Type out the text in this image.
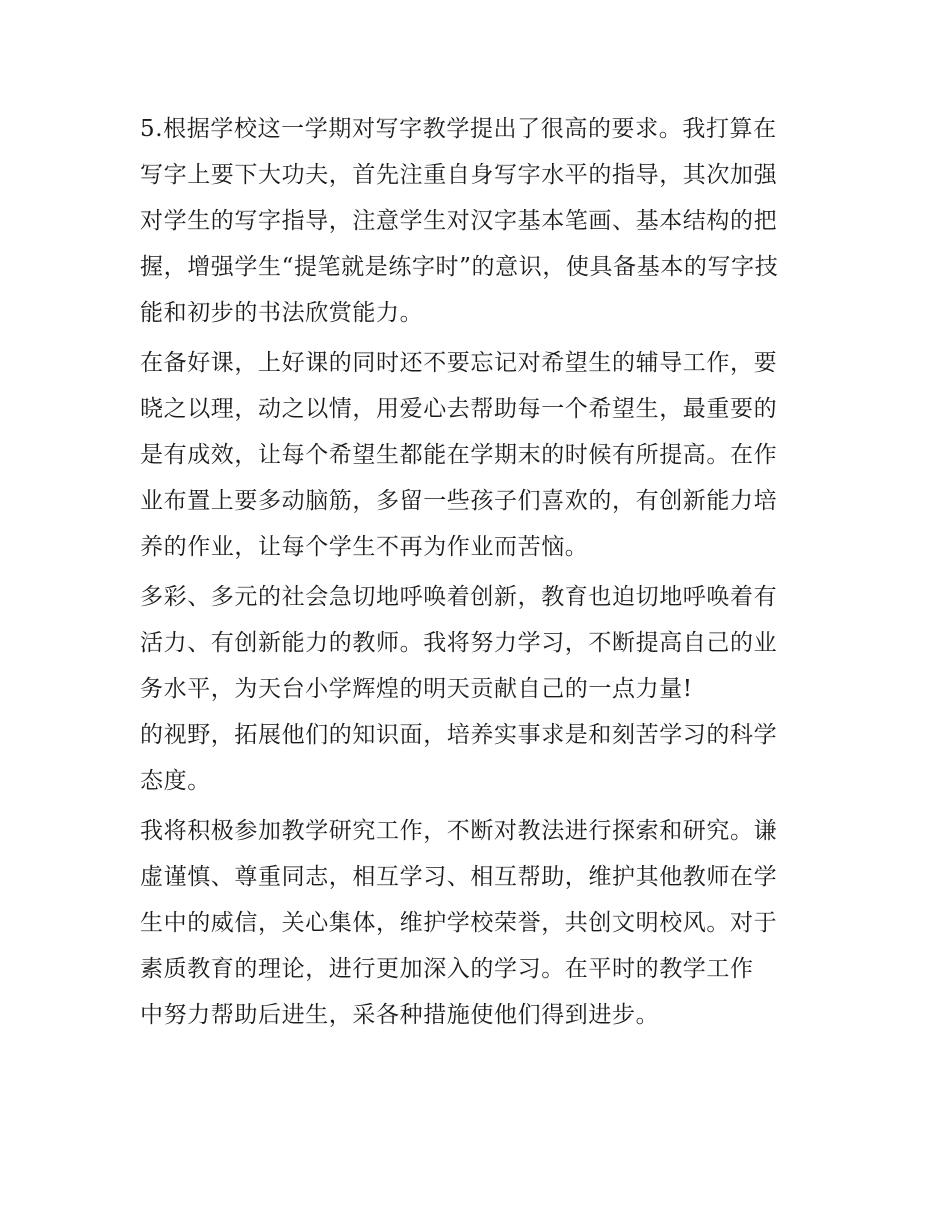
5.根据学校这一学期对写字教学提出了很高的要求。我打算在
写字上要下大功夫，首先注重自身写字水平的指导，其次加强
对学生的写字指导，注意学生对汉字基本笔画、基本结构的把
握，增强学生“提笔就是练字时”的意识，使具备基本的写字技
能和初步的书法欣赏能力。
在备好课，上好课的同时还不要忘记对希望生的辅导工作，要
晓之以理，动之以情，用爱心去帮助每一个希望生，最重要的
是有成效，让每个希望生都能在学期末的时候有所提高。在作
业布置上要多动脑筋，多留一些孩子们喜欢的，有创新能力培
养的作业，让每个学生不再为作业而苦恼。
多彩、多元的社会急切地呼唤着创新，教育也迫切地呼唤着有
活力、有创新能力的教师。我将努力学习，不断提高自己的业
务水平，为天台小学辉煌的明天贡献自己的一点力量!
的视野，拓展他们的知识面，培养实事求是和刻苦学习的科学
态度。
我将积极参加教学研究工作，不断对教法进行探索和研究。谦
虚谨慎、尊重同志，相互学习、相互帮助，维护其他教师在学
生中的威信，关心集体，维护学校荣誉，共创文明校风。对于
素质教育的理论，进行更加深入的学习。在平时的教学工作
中努力帮助后进生，采各种措施使他们得到进步。
